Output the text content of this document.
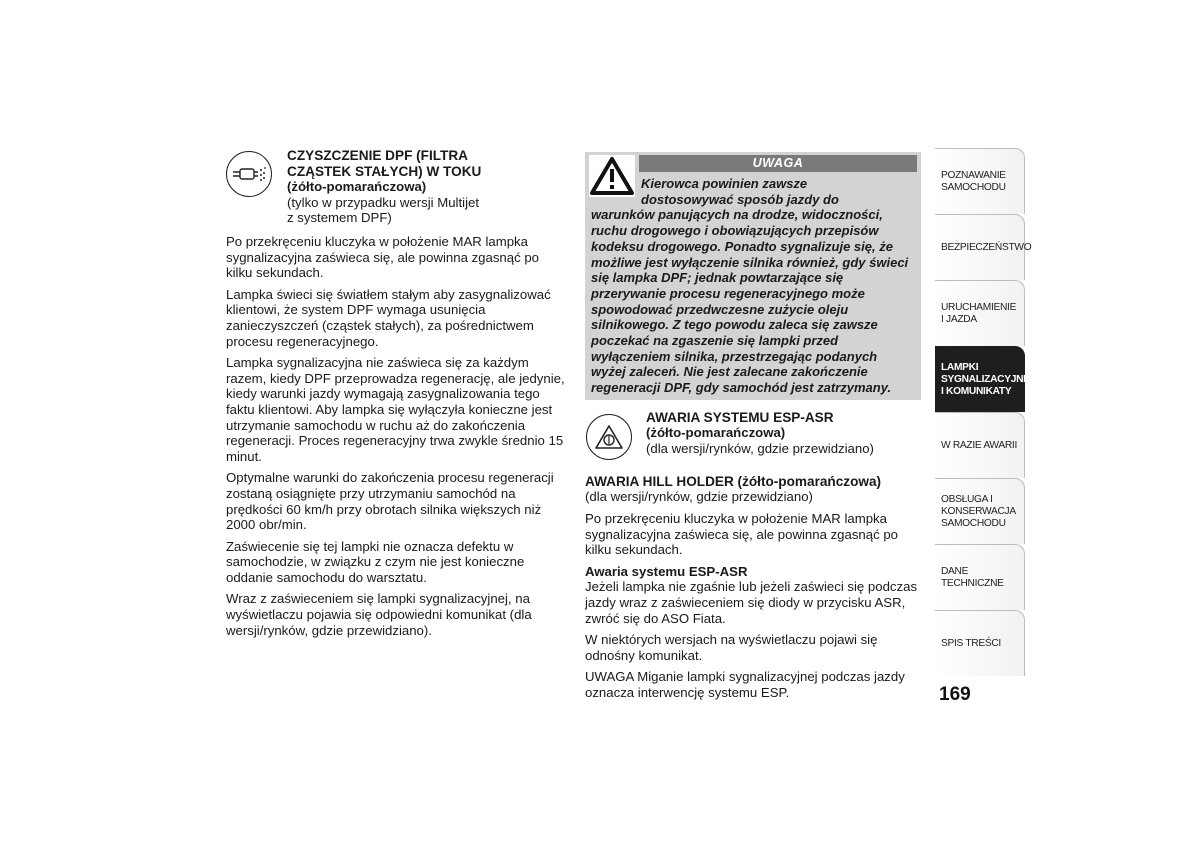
CZYSZCZENIE DPF (FILTRA
CZĄSTEK STAŁYCH) W TOKU
(żółto-pomarańczowa)
(tylko w przypadku wersji Multijet
z systemem DPF)

Po przekręceniu kluczyka w położenie MAR lampka sygnalizacyjna zaświeca się, ale powinna zgasnąć po kilku sekundach.

Lampka świeci się światłem stałym aby zasygnalizować klientowi, że system DPF wymaga usunięcia zanieczyszczeń (cząstek stałych), za pośrednictwem procesu regeneracyjnego.

Lampka sygnalizacyjna nie zaświeca się za każdym razem, kiedy DPF przeprowadza regenerację, ale jedynie, kiedy warunki jazdy wymagają zasygnalizowania tego faktu klientowi. Aby lampka się wyłączyła konieczne jest utrzymanie samochodu w ruchu aż do zakończenia regeneracji. Proces regeneracyjny trwa zwykle średnio 15 minut.

Optymalne warunki do zakończenia procesu regeneracji zostaną osiągnięte przy utrzymaniu samochód na prędkości 60 km/h przy obrotach silnika większych niż 2000 obr/min.

Zaświecenie się tej lampki nie oznacza defektu w samochodzie, w związku z czym nie jest konieczne oddanie samochodu do warsztatu.

Wraz z zaświeceniem się lampki sygnalizacyjnej, na wyświetlaczu pojawia się odpowiedni komunikat (dla wersji/rynków, gdzie przewidziano).

UWAGA
Kierowca powinien zawsze
dostosowywać sposób jazdy do
warunków panujących na drodze, widoczności, ruchu drogowego i obowiązujących przepisów kodeksu drogowego. Ponadto sygnalizuje się, że możliwe jest wyłączenie silnika również, gdy świeci się lampka DPF; jednak powtarzające się przerywanie procesu regeneracyjnego może spowodować przedwczesne zużycie oleju silnikowego. Z tego powodu zaleca się zawsze poczekać na zgaszenie się lampki przed wyłączeniem silnika, przestrzegając podanych wyżej zaleceń. Nie jest zalecane zakończenie regeneracji DPF, gdy samochód jest zatrzymany.
AWARIA SYSTEMU ESP-ASR
(żółto-pomarańczowa)
(dla wersji/rynków, gdzie przewidziano)
AWARIA HILL HOLDER (żółto-pomarańczowa)

(dla wersji/rynków, gdzie przewidziano)

Po przekręceniu kluczyka w położenie MAR lampka sygnalizacyjna zaświeca się, ale powinna zgasnąć po kilku sekundach.

Awaria systemu ESP-ASR

Jeżeli lampka nie zgaśnie lub jeżeli zaświeci się podczas jazdy wraz z zaświeceniem się diody w przycisku ASR, zwróć się do ASO Fiata.

W niektórych wersjach na wyświetlaczu pojawi się odnośny komunikat.

UWAGA Miganie lampki sygnalizacyjnej podczas jazdy oznacza interwencję systemu ESP.

POZNAWANIE
SAMOCHODU
BEZPIECZEŃSTWO
URUCHAMIENIE
I JAZDA
LAMPKI
SYGNALIZACYJNE
I KOMUNIKATY
W RAZIE AWARII
OBSŁUGA I
KONSERWACJA
SAMOCHODU
DANE TECHNICZNE
SPIS TREŚCI
169
